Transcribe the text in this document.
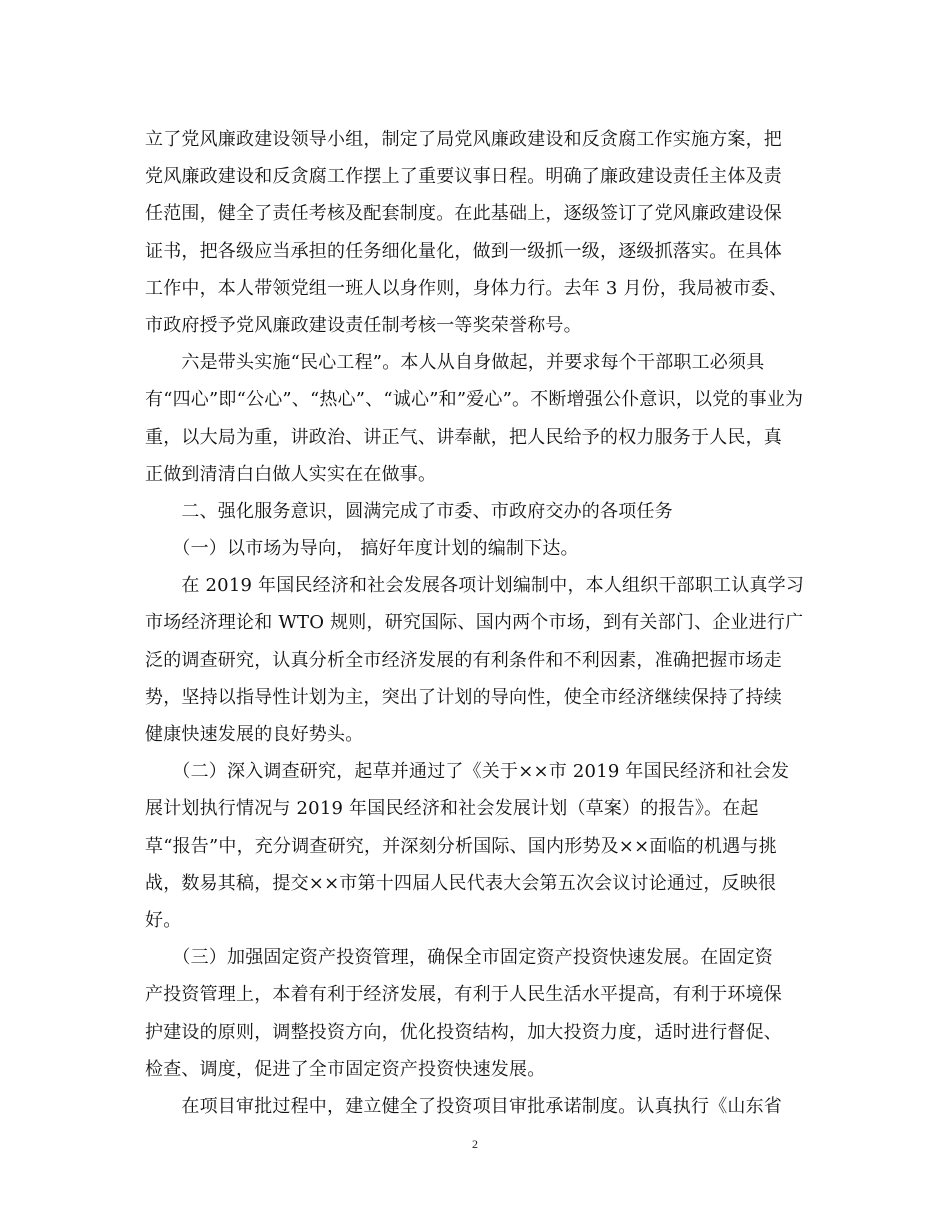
立了党风廉政建设领导小组，制定了局党风廉政建设和反贪腐工作实施方案，把
党风廉政建设和反贪腐工作摆上了重要议事日程。明确了廉政建设责任主体及责
任范围，健全了责任考核及配套制度。在此基础上，逐级签订了党风廉政建设保
证书，把各级应当承担的任务细化量化，做到一级抓一级，逐级抓落实。在具体
工作中，本人带领党组一班人以身作则，身体力行。去年 3 月份，我局被市委、
市政府授予党风廉政建设责任制考核一等奖荣誉称号。
　　六是带头实施“民心工程”。本人从自身做起，并要求每个干部职工必须具
有“四心”即“公心”、“热心”、“诚心”和”爱心”。不断增强公仆意识，以党的事业为
重，以大局为重，讲政治、讲正气、讲奉献，把人民给予的权力服务于人民，真
正做到清清白白做人实实在在做事。
　　二、强化服务意识，圆满完成了市委、市政府交办的各项任务
　　（一）以市场为导向， 搞好年度计划的编制下达。
　　在 2019 年国民经济和社会发展各项计划编制中，本人组织干部职工认真学习
市场经济理论和 WTO 规则，研究国际、国内两个市场，到有关部门、企业进行广
泛的调查研究，认真分析全市经济发展的有利条件和不利因素，准确把握市场走
势，坚持以指导性计划为主，突出了计划的导向性，使全市经济继续保持了持续
健康快速发展的良好势头。
　　（二）深入调查研究，起草并通过了《关于××市 2019 年国民经济和社会发
展计划执行情况与 2019 年国民经济和社会发展计划（草案）的报告》。在起
草“报告”中，充分调查研究，并深刻分析国际、国内形势及××面临的机遇与挑
战，数易其稿，提交××市第十四届人民代表大会第五次会议讨论通过，反映很
好。
　　（三）加强固定资产投资管理，确保全市固定资产投资快速发展。在固定资
产投资管理上，本着有利于经济发展，有利于人民生活水平提高，有利于环境保
护建设的原则，调整投资方向，优化投资结构，加大投资力度，适时进行督促、
检查、调度，促进了全市固定资产投资快速发展。
　　在项目审批过程中，建立健全了投资项目审批承诺制度。认真执行《山东省
2
